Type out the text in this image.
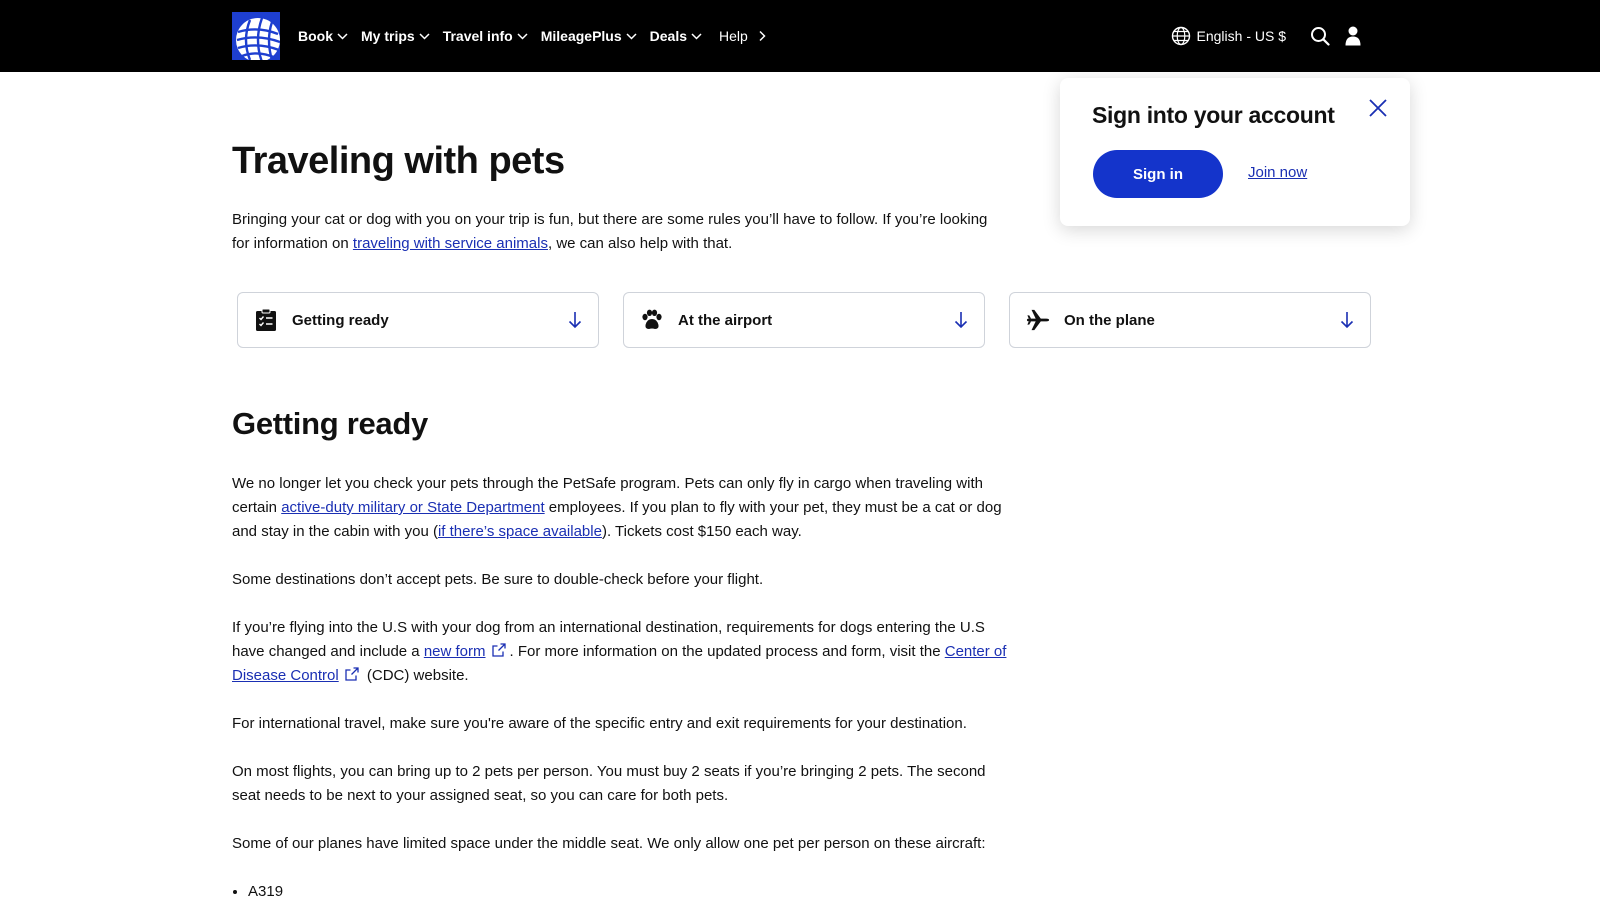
Book My trips Travel info MileagePlus Deals Help	English - US $
Traveling with pets

Bringing your cat or dog with you on your trip is fun, but there are some rules you’ll have to follow. If you’re looking for information on traveling with service animals, we can also help with that.

Getting ready	At the airport	On the plane
Getting ready

We no longer let you check your pets through the PetSafe program. Pets can only fly in cargo when traveling with certain active-duty military or State Department employees. If you plan to fly with your pet, they must be a cat or dog and stay in the cabin with you (if there’s space available). Tickets cost $150 each way.

Some destinations don’t accept pets. Be sure to double-check before your flight.

If you’re flying into the U.S with your dog from an international destination, requirements for dogs entering the U.S have changed and include a new form . For more information on the updated process and form, visit the Center of Disease Control (CDC) website.

For international travel, make sure you're aware of the specific entry and exit requirements for your destination.

On most flights, you can bring up to 2 pets per person. You must buy 2 seats if you’re bringing 2 pets. The second seat needs to be next to your assigned seat, so you can care for both pets.

Some of our planes have limited space under the middle seat. We only allow one pet per person on these aircraft:

• A319
Sign into your account
Sign in	Join now
